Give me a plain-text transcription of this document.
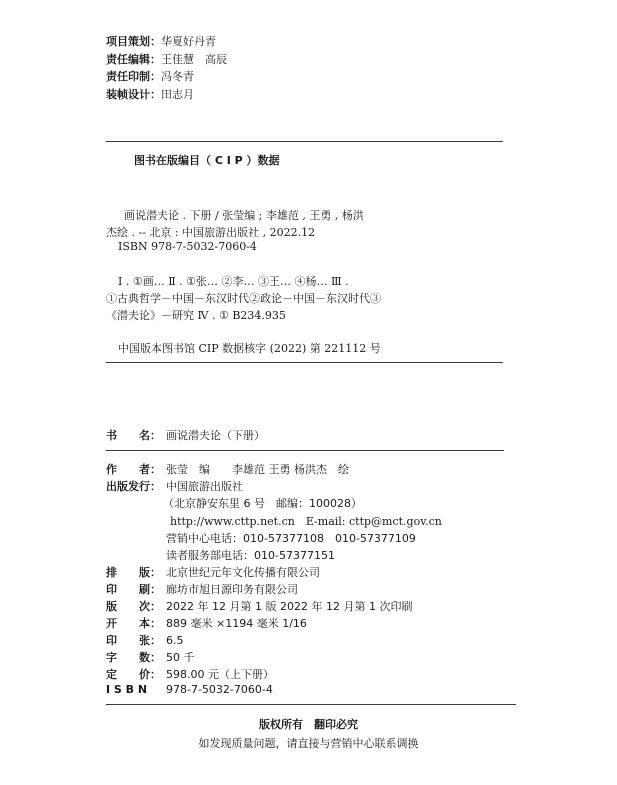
项目策划：华夏好丹青
责任编辑：王佳慧　高辰
责任印制：冯冬青
装帧设计：田志月
图书在版编目（ C I P ）数据
画说潜夫论 . 下册 / 张莹编 ; 李雄范 , 王勇 , 杨洪
杰绘 . -- 北京 : 中国旅游出版社 , 2022.12
ISBN 978-7-5032-7060-4
Ⅰ . ①画… Ⅱ . ①张… ②李… ③王… ④杨… Ⅲ .
①古典哲学－中国－东汉时代②政论－中国－东汉时代③
《潜夫论》－研究 Ⅳ . ① B234.935
中国版本图书馆 CIP 数据核字 (2022) 第 221112 号
书　　名： 画说潜夫论（下册）
作　　者： 张莹　编　　李雄范 王勇 杨洪杰　绘
出版发行： 中国旅游出版社
（北京静安东里 6 号　邮编：100028）
http://www.cttp.net.cn　E-mail: cttp@mct.gov.cn
营销中心电话：010-57377108　010-57377109
读者服务部电话：010-57377151
排　　版： 北京世纪元年文化传播有限公司
印　　刷： 廊坊市旭日源印务有限公司
版　　次： 2022 年 12 月第 1 版 2022 年 12 月第 1 次印刷
开　　本： 889 毫米 ×1194 毫米 1/16
印　　张： 6.5
字　　数： 50 千
定　　价： 598.00 元（上下册）
I S B N 978-7-5032-7060-4
版权所有　翻印必究
如发现质量问题，请直接与营销中心联系调换
